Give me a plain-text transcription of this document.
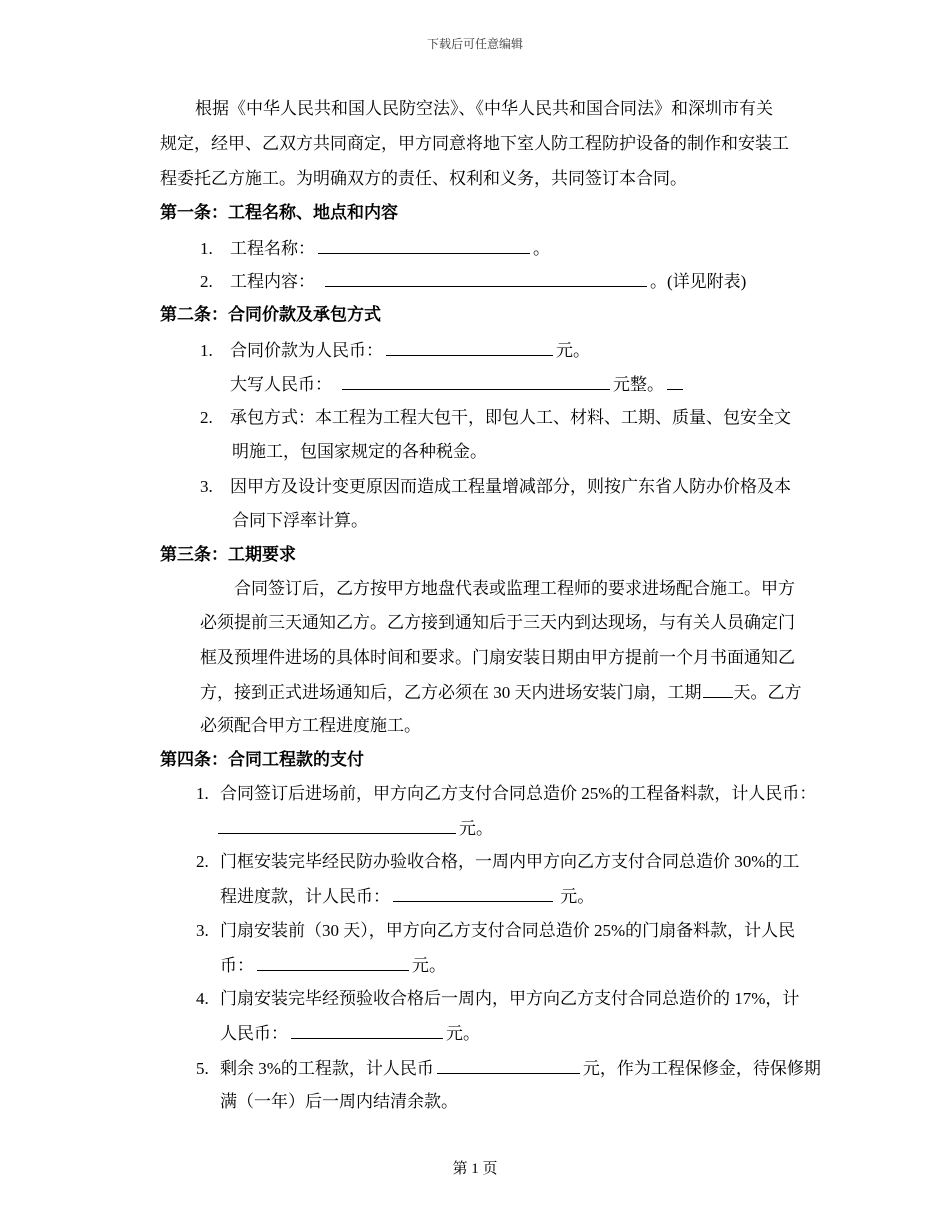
下载后可任意编辑
根据《中华人民共和国人民防空法》、《中华人民共和国合同法》和深圳市有关
规定，经甲、乙双方共同商定，甲方同意将地下室人防工程防护设备的制作和安装工
程委托乙方施工。为明确双方的责任、权利和义务，共同签订本合同。
第一条：工程名称、地点和内容
1. 工程名称：	。
2. 工程内容：	。(详见附表)
第二条：合同价款及承包方式
1. 合同价款为人民币：	元。
大写人民币：	元整。
2. 承包方式：本工程为工程大包干，即包人工、材料、工期、质量、包安全文
明施工，包国家规定的各种税金。
3. 因甲方及设计变更原因而造成工程量增减部分，则按广东省人防办价格及本
合同下浮率计算。
第三条：工期要求
合同签订后，乙方按甲方地盘代表或监理工程师的要求进场配合施工。甲方
必须提前三天通知乙方。乙方接到通知后于三天内到达现场，与有关人员确定门
框及预埋件进场的具体时间和要求。门扇安装日期由甲方提前一个月书面通知乙
方，接到正式进场通知后，乙方必须在 30 天内进场安装门扇，工期 天。乙方
必须配合甲方工程进度施工。
第四条：合同工程款的支付
1. 合同签订后进场前，甲方向乙方支付合同总造价 25%的工程备料款，计人民币：
元。
2. 门框安装完毕经民防办验收合格，一周内甲方向乙方支付合同总造价 30%的工
程进度款，计人民币：	元。
3. 门扇安装前（30 天），甲方向乙方支付合同总造价 25%的门扇备料款，计人民
币：	元。
4. 门扇安装完毕经预验收合格后一周内，甲方向乙方支付合同总造价的 17%，计
人民币：	元。
5. 剩余 3%的工程款，计人民币	元，作为工程保修金，待保修期
满（一年）后一周内结清余款。
第 1 页
